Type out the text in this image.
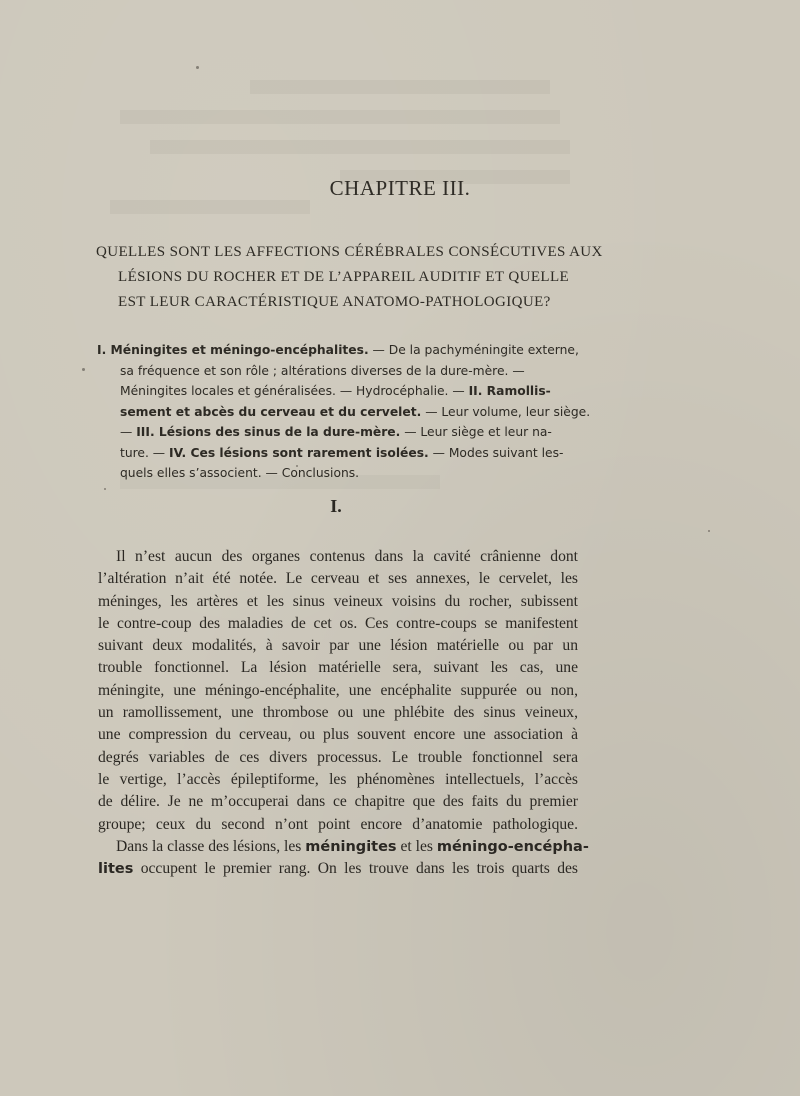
CHAPITRE III.
QUELLES SONT LES AFFECTIONS CÉRÉBRALES CONSÉCUTIVES AUX
LÉSIONS DU ROCHER ET DE L’APPAREIL AUDITIF ET QUELLE
EST LEUR CARACTÉRISTIQUE ANATOMO-PATHOLOGIQUE?
I. Méningites et méningo-encéphalites. — De la pachyméningite externe,
sa fréquence et son rôle ; altérations diverses de la dure-mère. —
Méningites locales et généralisées. — Hydrocéphalie. — II. Ramollis-
sement et abcès du cerveau et du cervelet. — Leur volume, leur siège.
— III. Lésions des sinus de la dure-mère. — Leur siège et leur na-
ture. — IV. Ces lésions sont rarement isolées. — Modes suivant les-
quels elles s’associent. — Conclusions.
I.
Il n’est aucun des organes contenus dans la cavité crânienne dont
l’altération n’ait été notée. Le cerveau et ses annexes, le cervelet, les
méninges, les artères et les sinus veineux voisins du rocher, subissent
le contre-coup des maladies de cet os. Ces contre-coups se manifestent
suivant deux modalités, à savoir par une lésion matérielle ou par un
trouble fonctionnel. La lésion matérielle sera, suivant les cas, une
méningite, une méningo-encéphalite, une encéphalite suppurée ou non,
un ramollissement, une thrombose ou une phlébite des sinus veineux,
une compression du cerveau, ou plus souvent encore une association à
degrés variables de ces divers processus. Le trouble fonctionnel sera
le vertige, l’accès épileptiforme, les phénomènes intellectuels, l’accès
de délire. Je ne m’occuperai dans ce chapitre que des faits du premier
groupe; ceux du second n’ont point encore d’anatomie pathologique.
Dans la classe des lésions, les méningites et les méningo-encépha-
lites occupent le premier rang. On les trouve dans les trois quarts des
